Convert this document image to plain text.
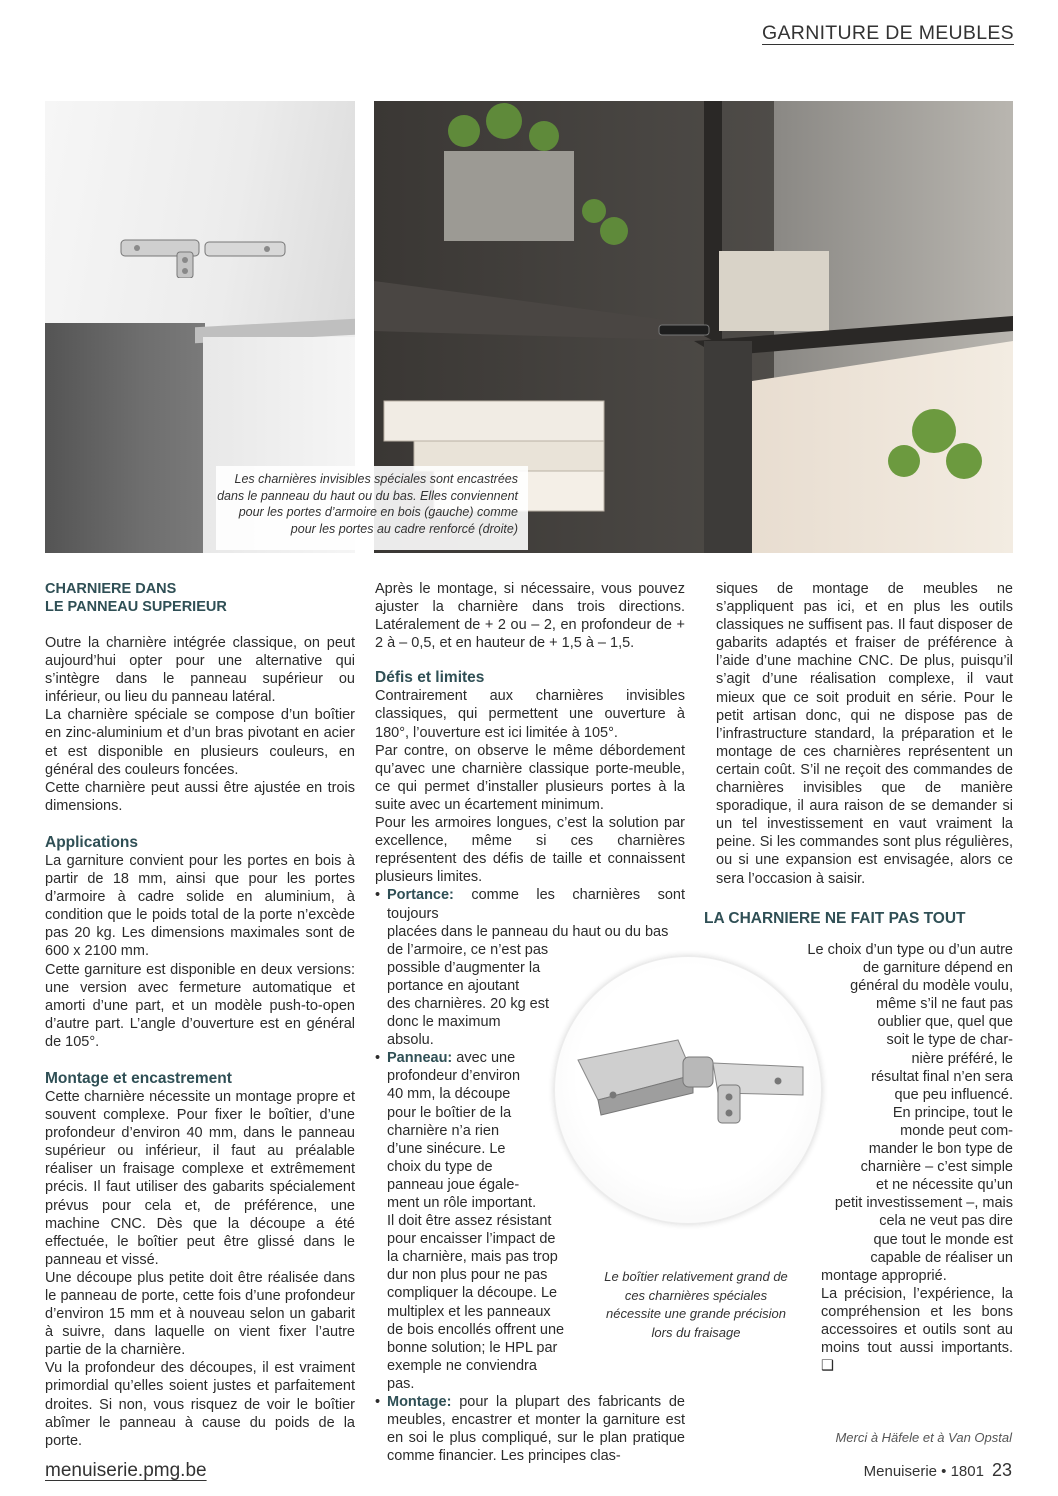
GARNITURE DE MEUBLES
Les charnières invisibles spéciales sont encastrées dans le panneau du haut ou du bas. Elles conviennent pour les portes d’armoire en bois (gauche) comme pour les portes au cadre renforcé (droite)
CHARNIERE DANS
LE PANNEAU SUPERIEUR

Outre la charnière intégrée classique, on peut aujourd’hui opter pour une alternative qui s’intègre dans le panneau supérieur ou inférieur, ou lieu du panneau latéral.

La charnière spéciale se compose d’un boîtier en zinc-aluminium et d’un bras pivotant en acier et est disponible en plusieurs couleurs, en général des couleurs foncées.

Cette charnière peut aussi être ajustée en trois dimensions.

Applications

La garniture convient pour les portes en bois à partir de 18 mm, ainsi que pour les portes d’armoire à cadre solide en aluminium, à condition que le poids total de la porte n’excède pas 20 kg. Les dimensions maximales sont de 600 x 2100 mm.

Cette garniture est disponible en deux versions: une version avec fermeture automatique et amorti d’une part, et un modèle push-to-open d’autre part. L’angle d’ouverture est en général de 105°.

Montage et encastrement

Cette charnière nécessite un montage propre et souvent complexe. Pour fixer le boîtier, d’une profondeur d’environ 40 mm, dans le panneau supérieur ou inférieur, il faut au préalable réaliser un fraisage complexe et extrêmement précis. Il faut utiliser des gabarits spécialement prévus pour cela et, de préférence, une machine CNC. Dès que la découpe a été effectuée, le boîtier peut être glissé dans le panneau et vissé.

Une découpe plus petite doit être réalisée dans le panneau de porte, cette fois d’une profondeur d’environ 15 mm et à nouveau selon un gabarit à suivre, dans laquelle on vient fixer l’autre partie de la charnière.

Vu la profondeur des découpes, il est vraiment primordial qu’elles soient justes et parfaitement droites. Si non, vous risquez de voir le boîtier abîmer le panneau à cause du poids de la porte.

Après le montage, si nécessaire, vous pouvez ajuster la charnière dans trois directions. Latéralement de + 2 ou – 2, en profondeur de + 2 à – 0,5, et en hauteur de + 1,5 à – 1,5.

Défis et limites

Contrairement aux charnières invisibles classiques, qui permettent une ouverture à 180°, l’ouverture est ici limitée à 105°.

Par contre, on observe le même débordement qu’avec une charnière classique porte-meuble, ce qui permet d’installer plusieurs portes à la suite avec un écartement minimum.

Pour les armoires longues, c’est la solution par excellence, même si ces charnières représentent des défis de taille et connaissent plusieurs limites.

• Portance: comme les charnières sont toujours
placées dans le panneau du haut ou du bas

de l’armoire, ce n’est pas
possible d’augmenter la
portance en ajoutant
des charnières. 20 kg est
donc le maximum
absolu.
• Panneau: avec une
profondeur d’environ
40 mm, la découpe
pour le boîtier de la
charnière n’a rien
d’une sinécure. Le
choix du type de
panneau joue égale-
ment un rôle important.
Il doit être assez résistant
pour encaisser l’impact de
la charnière, mais pas trop
dur non plus pour ne pas
compliquer la découpe. Le
multiplex et les panneaux
de bois encollés offrent une
bonne solution; le HPL par
exemple ne conviendra
pas.
• Montage: pour la plupart des fabricants de meubles, encastrer et monter la garniture est en soi le plus compliqué, sur le plan pratique comme financier. Les principes clas-

siques de montage de meubles ne s’appliquent pas ici, et en plus les outils classiques ne suffisent pas. Il faut disposer de gabarits adaptés et fraiser de préférence à l’aide d’une machine CNC. De plus, puisqu’il s’agit d’une réalisation complexe, il vaut mieux que ce soit produit en série. Pour le petit artisan donc, qui ne dispose pas de l’infrastructure standard, la préparation et le montage de ces charnières représentent un certain coût. S’il ne reçoit des commandes de charnières invisibles que de manière sporadique, il aura raison de se demander si un tel investissement en vaut vraiment la peine. Si les commandes sont plus régulières, ou si une expansion est envisagée, alors ce sera l’occasion à saisir.

LA CHARNIERE NE FAIT PAS TOUT
Le choix d’un type ou d’un autre
de garniture dépend en
général du modèle voulu,
même s’il ne faut pas
oublier que, quel que
soit le type de char-
nière préféré, le
résultat final n’en sera
que peu influencé.
En principe, tout le
monde peut com-
mander le bon type de
charnière – c’est simple
et ne nécessite qu’un
petit investissement –, mais
cela ne veut pas dire
que tout le monde est
capable de réaliser un
montage approprié.

La précision, l’expérience, la compréhension et les bons accessoires et outils sont au moins tout aussi importants. ❑

Le boîtier relativement grand de ces charnières spéciales nécessite une grande précision lors du fraisage
Merci à Häfele et à Van Opstal
menuiserie.pmg.be	Menuiserie • 1801 23
